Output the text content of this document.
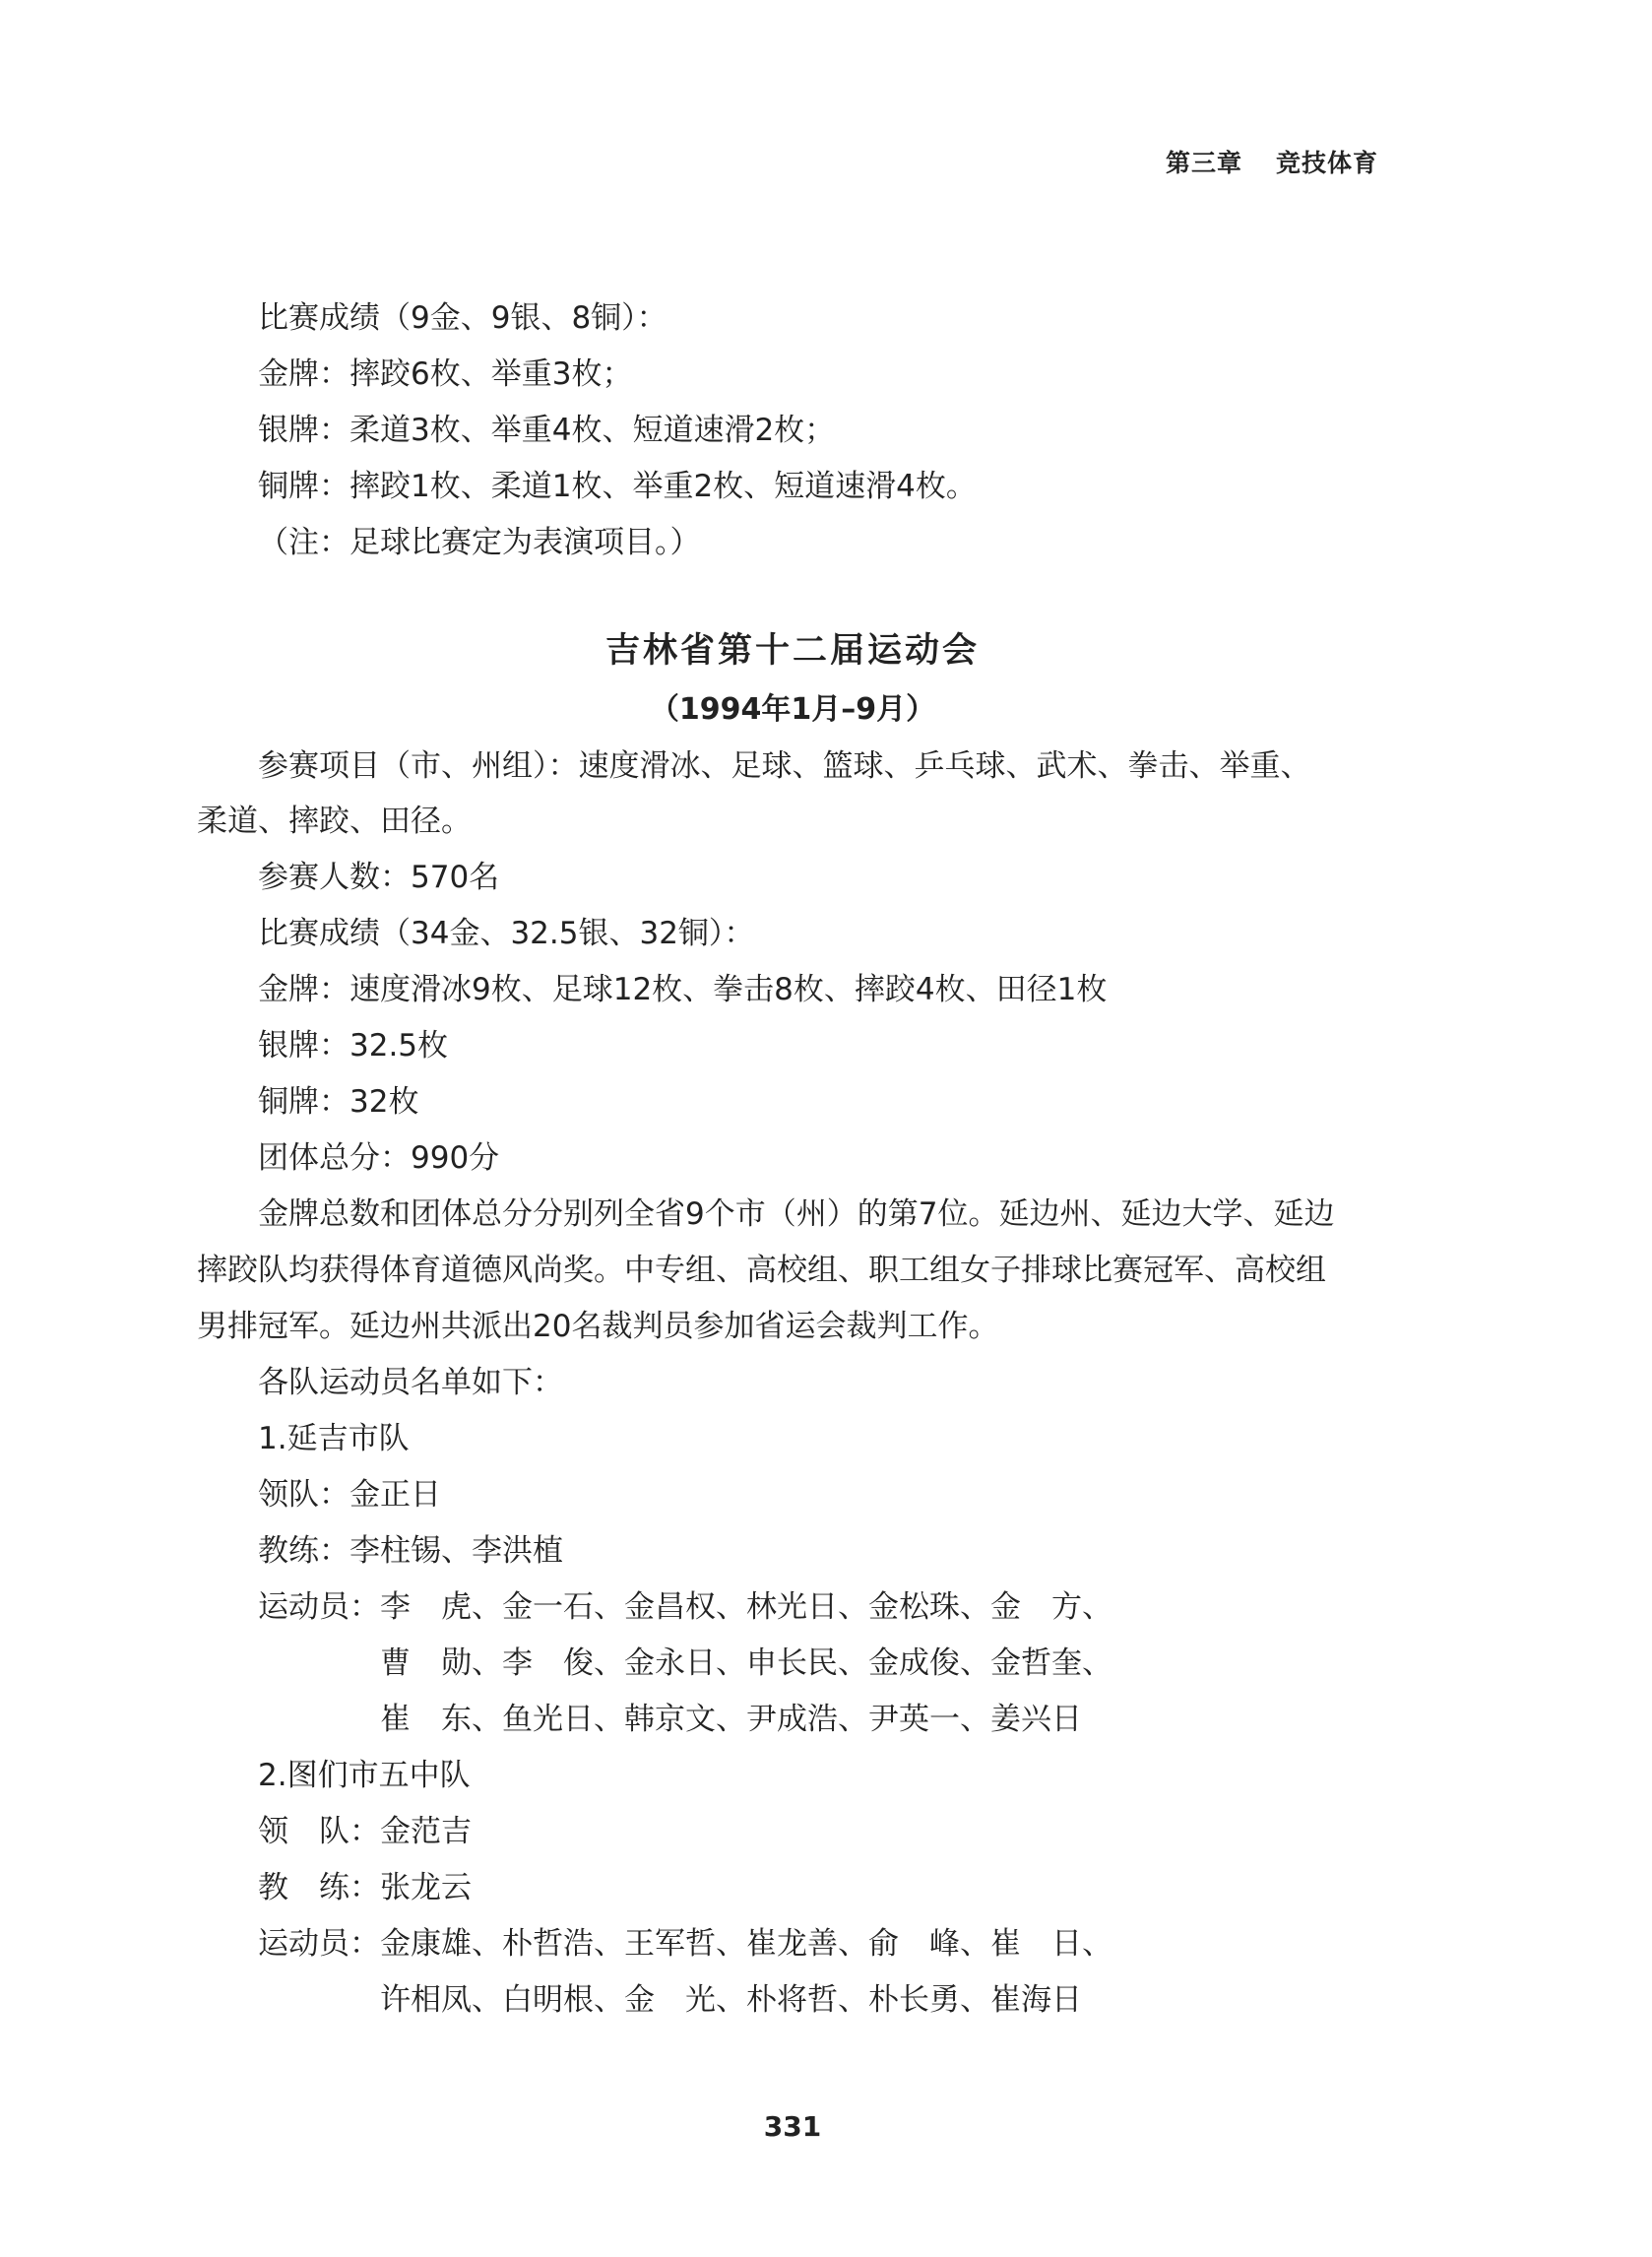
第三章 竞技体育
比赛成绩（9金、9银、8铜）：
金牌：摔跤6枚、举重3枚；
银牌：柔道3枚、举重4枚、短道速滑2枚；
铜牌：摔跤1枚、柔道1枚、举重2枚、短道速滑4枚。
（注：足球比赛定为表演项目。）
吉林省第十二届运动会
（1994年1月–9月）
参赛项目（市、州组）：速度滑冰、足球、篮球、乒乓球、武术、拳击、举重、
柔道、摔跤、田径。
参赛人数：570名
比赛成绩（34金、32.5银、32铜）：
金牌：速度滑冰9枚、足球12枚、拳击8枚、摔跤4枚、田径1枚
银牌：32.5枚
铜牌：32枚
团体总分：990分
金牌总数和团体总分分别列全省9个市（州）的第7位。延边州、延边大学、延边
摔跤队均获得体育道德风尚奖。中专组、高校组、职工组女子排球比赛冠军、高校组
男排冠军。延边州共派出20名裁判员参加省运会裁判工作。
各队运动员名单如下：
1.延吉市队
领队：金正日
教练：李柱锡、李洪植
运动员：李　虎、金一石、金昌权、林光日、金松珠、金　方、
曹　勋、李　俊、金永日、申长民、金成俊、金哲奎、
崔　东、鱼光日、韩京文、尹成浩、尹英一、姜兴日
2.图们市五中队
领　队：金范吉
教　练：张龙云
运动员：金康雄、朴哲浩、王军哲、崔龙善、俞　峰、崔　日、
许相凤、白明根、金　光、朴将哲、朴长勇、崔海日
331
